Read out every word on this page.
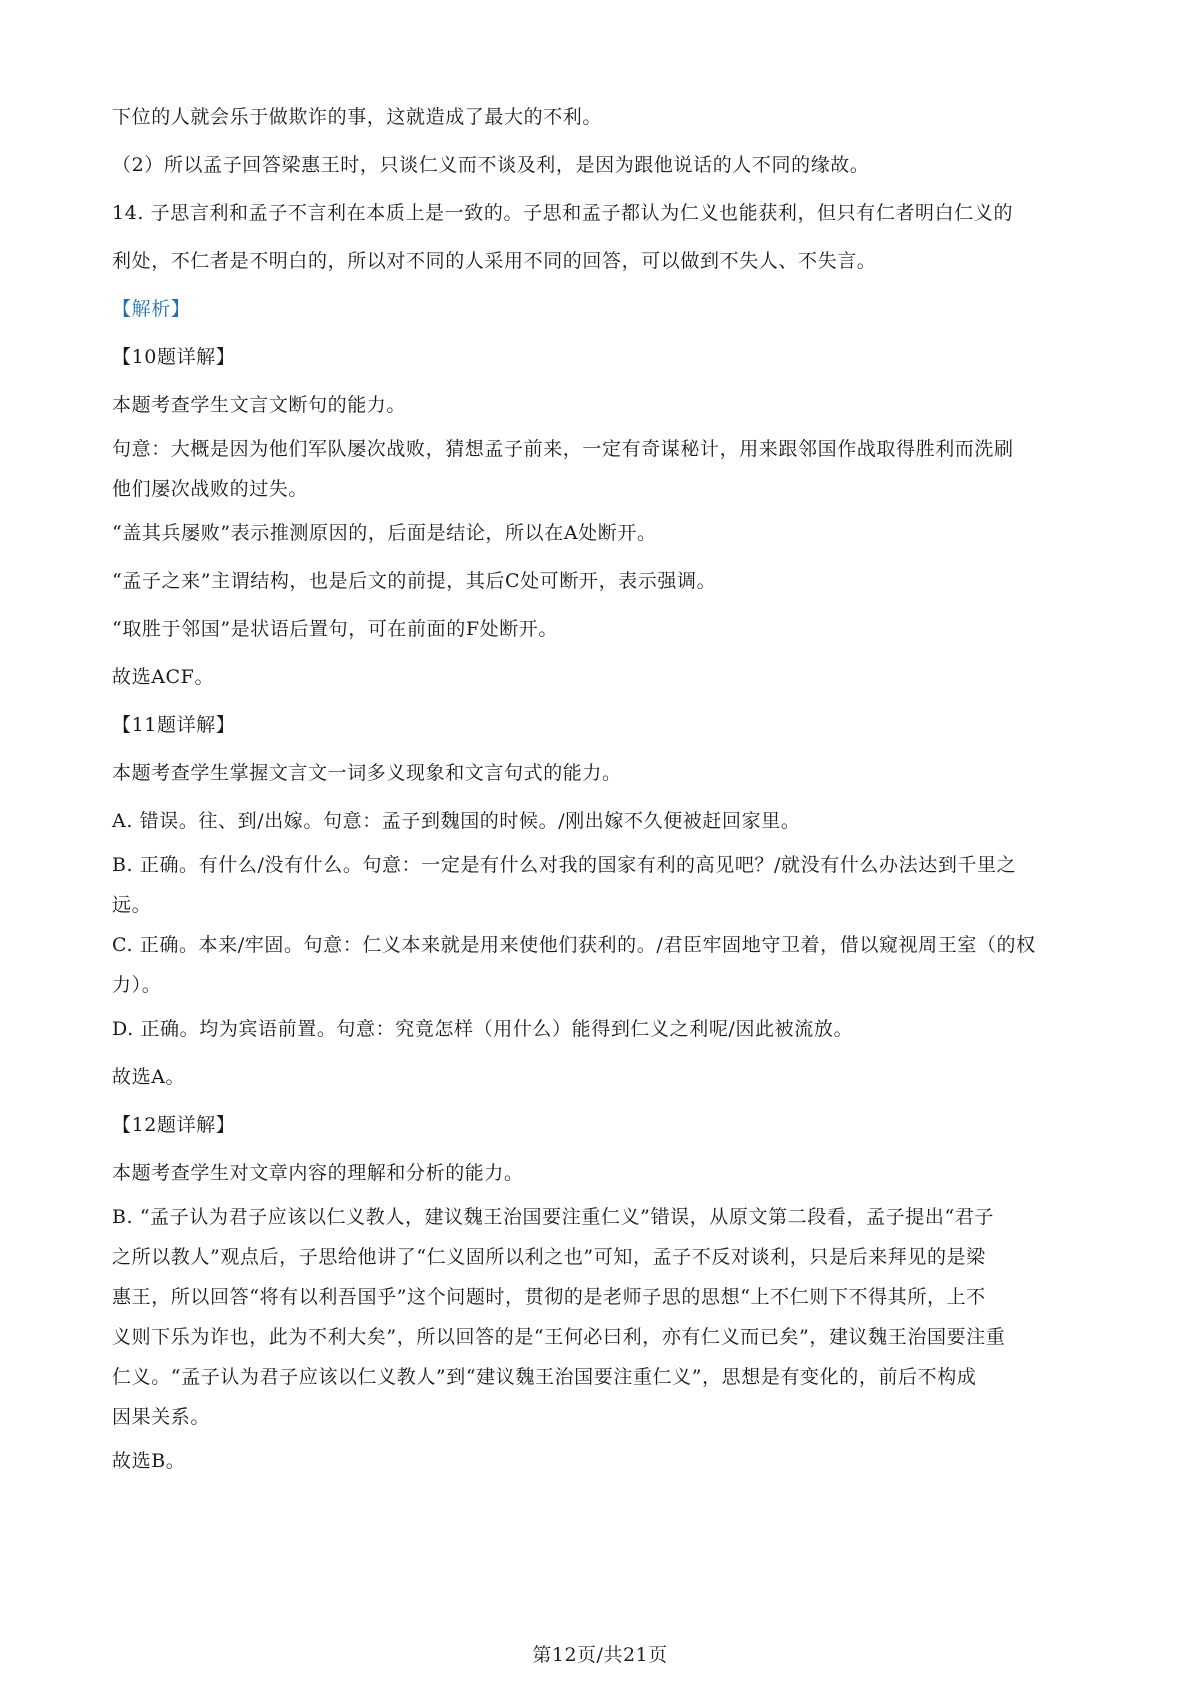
下位的人就会乐于做欺诈的事，这就造成了最大的不利。
（2）所以孟子回答梁惠王时，只谈仁义而不谈及利，是因为跟他说话的人不同的缘故。
14. 子思言利和孟子不言利在本质上是一致的。子思和孟子都认为仁义也能获利，但只有仁者明白仁义的
利处，不仁者是不明白的，所以对不同的人采用不同的回答，可以做到不失人、不失言。
【解析】
【10题详解】
本题考查学生文言文断句的能力。
句意：大概是因为他们军队屡次战败，猜想孟子前来，一定有奇谋秘计，用来跟邻国作战取得胜利而洗刷
他们屡次战败的过失。
“盖其兵屡败”表示推测原因的，后面是结论，所以在A处断开。
“孟子之来”主谓结构，也是后文的前提，其后C处可断开，表示强调。
“取胜于邻国”是状语后置句，可在前面的F处断开。
故选ACF。
【11题详解】
本题考查学生掌握文言文一词多义现象和文言句式的能力。
A. 错误。往、到/出嫁。句意：孟子到魏国的时候。/刚出嫁不久便被赶回家里。
B. 正确。有什么/没有什么。句意：一定是有什么对我的国家有利的高见吧？/就没有什么办法达到千里之
远。
C. 正确。本来/牢固。句意：仁义本来就是用来使他们获利的。/君臣牢固地守卫着，借以窥视周王室（的权
力）。
D. 正确。均为宾语前置。句意：究竟怎样（用什么）能得到仁义之利呢/因此被流放。
故选A。
【12题详解】
本题考查学生对文章内容的理解和分析的能力。
B. “孟子认为君子应该以仁义教人，建议魏王治国要注重仁义”错误，从原文第二段看，孟子提出“君子
之所以教人”观点后，子思给他讲了“仁义固所以利之也”可知，孟子不反对谈利，只是后来拜见的是梁
惠王，所以回答“将有以利吾国乎”这个问题时，贯彻的是老师子思的思想“上不仁则下不得其所，上不
义则下乐为诈也，此为不利大矣”，所以回答的是“王何必曰利，亦有仁义而已矣”，建议魏王治国要注重
仁义。“孟子认为君子应该以仁义教人”到“建议魏王治国要注重仁义”，思想是有变化的，前后不构成
因果关系。
故选B。
第12页/共21页
